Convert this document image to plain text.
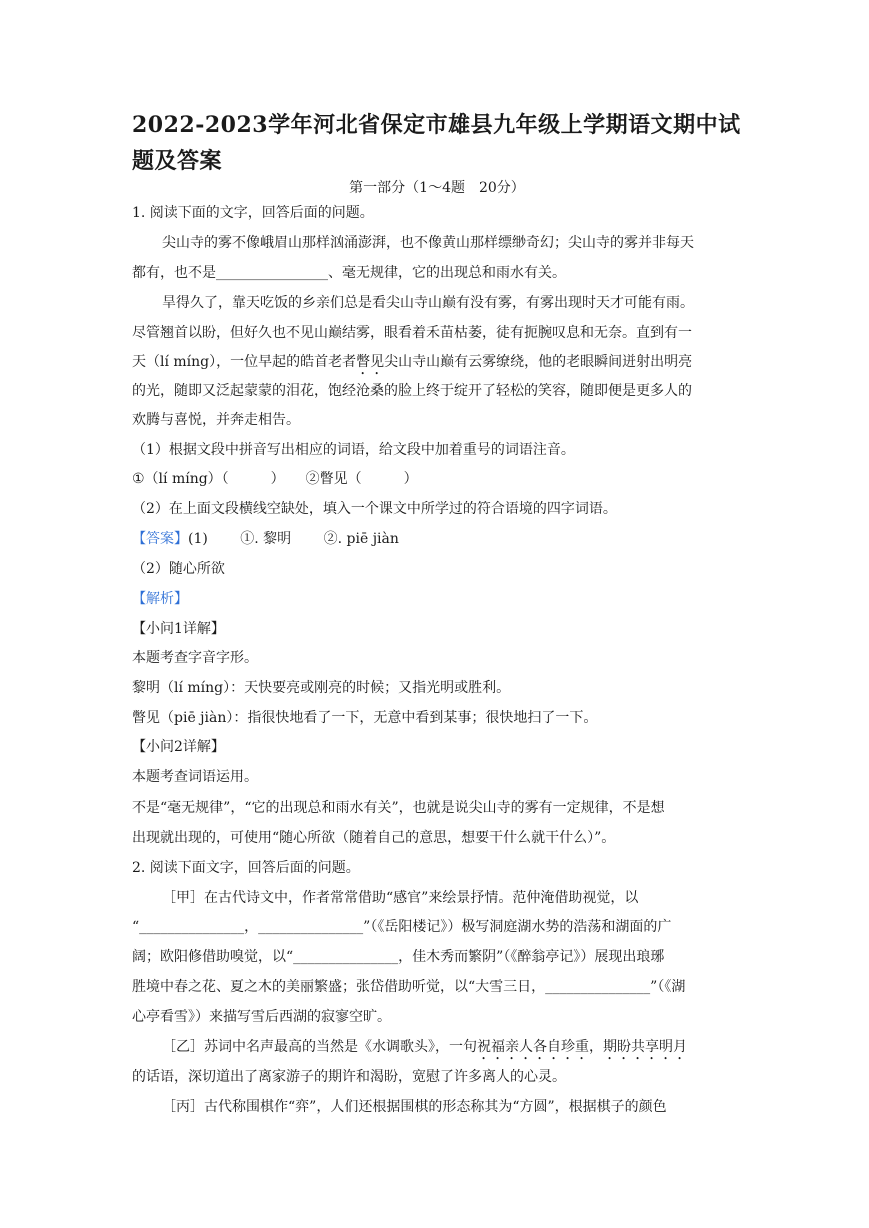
2022-2023学年河北省保定市雄县九年级上学期语文期中试题及答案
第一部分（1～4题　20分）
1. 阅读下面的文字，回答后面的问题。
尖山寺的雾不像峨眉山那样汹涌澎湃，也不像黄山那样缥缈奇幻；尖山寺的雾并非每天
都有，也不是________________、毫无规律，它的出现总和雨水有关。
旱得久了，靠天吃饭的乡亲们总是看尖山寺山巅有没有雾，有雾出现时天才可能有雨。
尽管翘首以盼，但好久也不见山巅结雾，眼看着禾苗枯萎，徒有扼腕叹息和无奈。直到有一
天（lí míng），一位早起的皓首老者瞥见尖山寺山巅有云雾缭绕，他的老眼瞬间迸射出明亮
的光，随即又泛起蒙蒙的泪花，饱经沧桑的脸上终于绽开了轻松的笑容，随即便是更多人的
欢腾与喜悦，并奔走相告。
（1）根据文段中拼音写出相应的词语，给文段中加着重号的词语注音。
①（lí míng）（　　　）　　②瞥见（　　　）
（2）在上面文段横线空缺处，填入一个课文中所学过的符合语境的四字词语。
【答案】(1)　　 ①. 黎明　　 ②. piē jiàn
（2）随心所欲
【解析】
【小问1详解】
本题考查字音字形。
黎明（lí míng）：天快要亮或刚亮的时候；又指光明或胜利。
瞥见（piē jiàn）：指很快地看了一下，无意中看到某事；很快地扫了一下。
【小问2详解】
本题考查词语运用。
不是“毫无规律”，“它的出现总和雨水有关”，也就是说尖山寺的雾有一定规律，不是想
出现就出现的，可使用“随心所欲（随着自己的意思，想要干什么就干什么）”。
2. 阅读下面文字，回答后面的问题。
［甲］在古代诗文中，作者常常借助“感官”来绘景抒情。范仲淹借助视觉，以
“_______________，_______________”（《岳阳楼记》）极写洞庭湖水势的浩荡和湖面的广
阔；欧阳修借助嗅觉，以“_______________，佳木秀而繁阴”（《醉翁亭记》）展现出琅琊
胜境中春之花、夏之木的美丽繁盛；张岱借助听觉，以“大雪三日，_______________”（《湖
心亭看雪》）来描写雪后西湖的寂寥空旷。
［乙］苏词中名声最高的当然是《水调歌头》，一句祝福亲人各自珍重，期盼共享明月
的话语，深切道出了离家游子的期许和渴盼，宽慰了许多离人的心灵。
［丙］古代称围棋作“弈”，人们还根据围棋的形态称其为“方圆”，根据棋子的颜色
